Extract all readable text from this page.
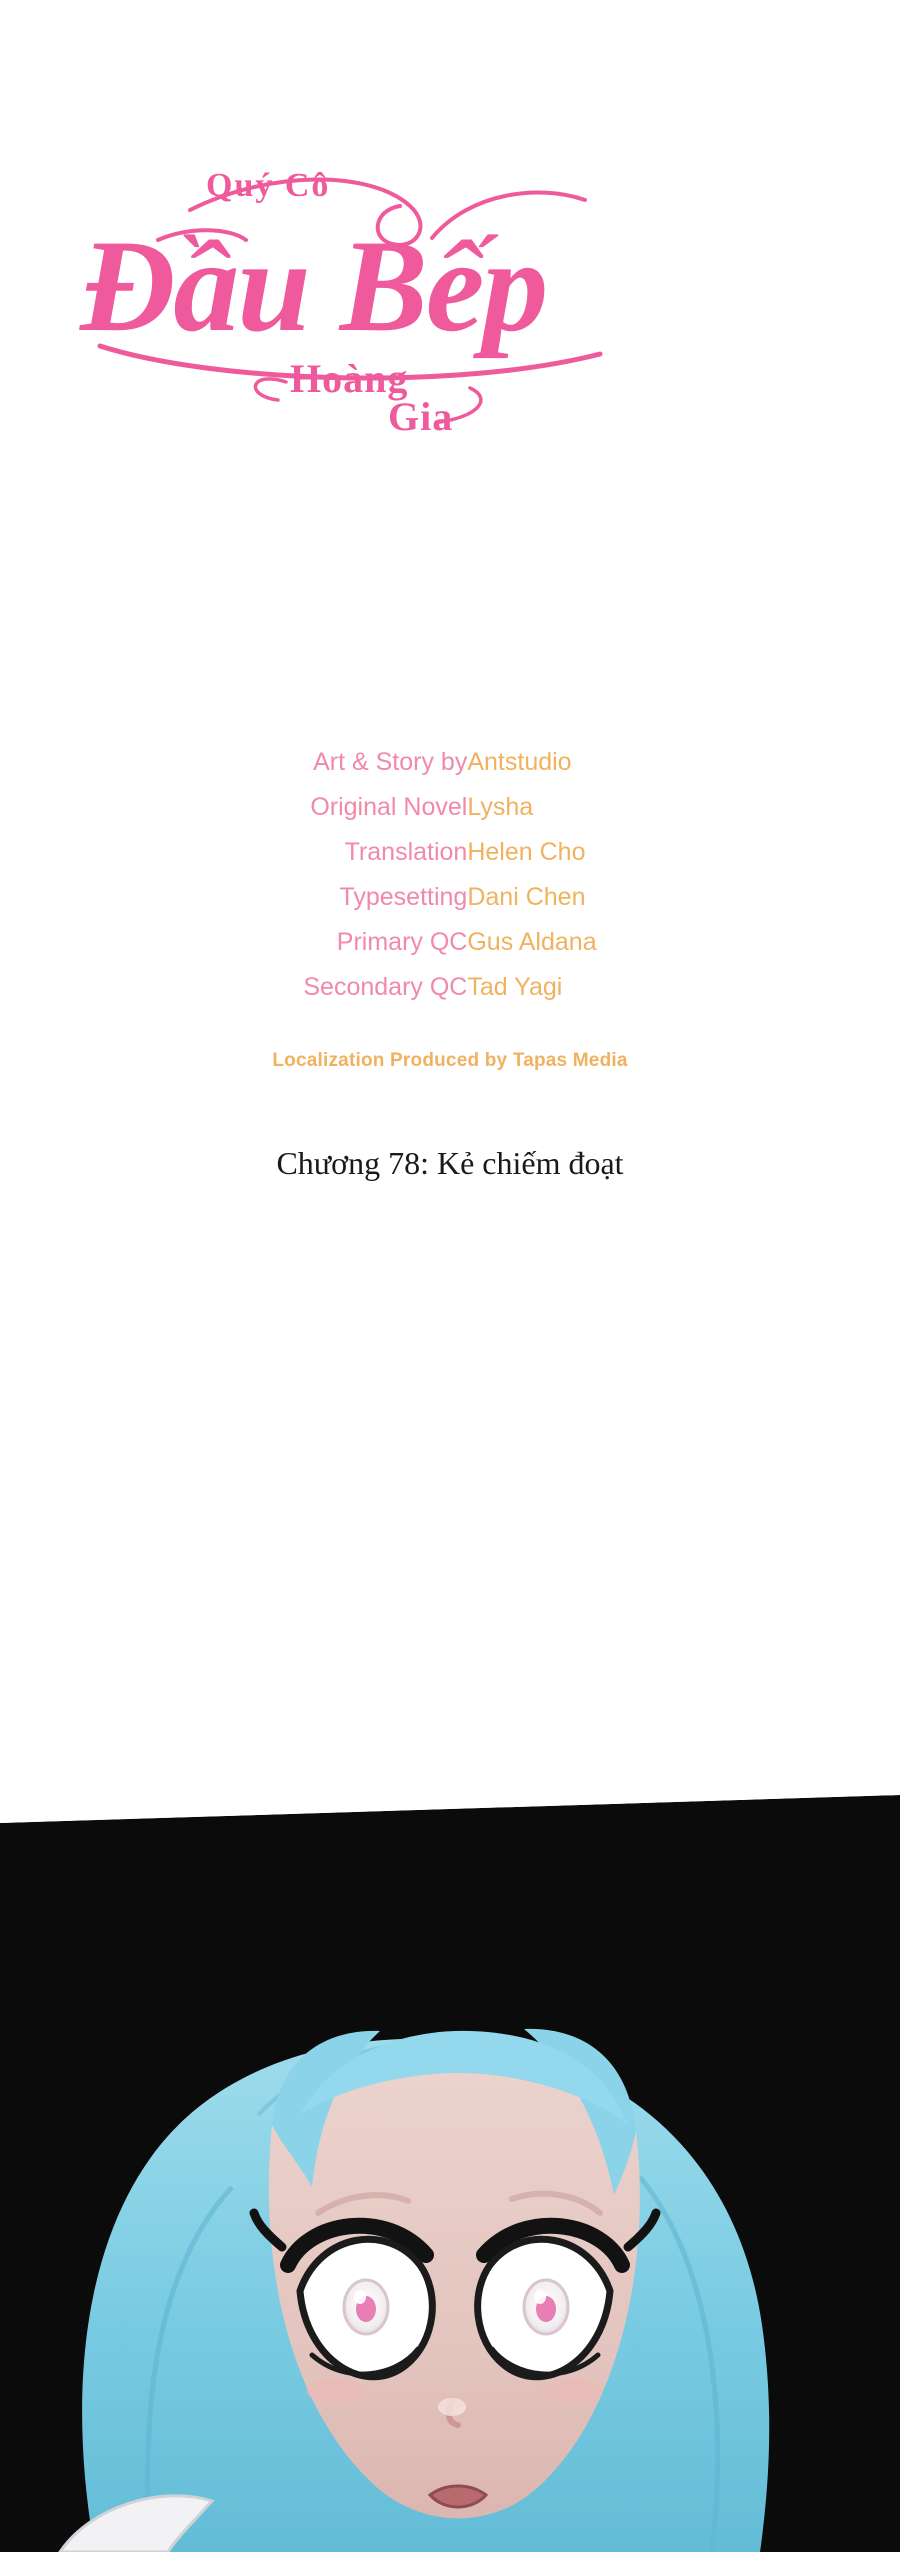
Quý Cô
Đầu Bếp
Hoàng
Gia
Art & Story by	Antstudio
Original Novel	Lysha
Translation	Helen Cho
Typesetting	Dani Chen
Primary QC	Gus Aldana
Secondary QC	Tad Yagi
Localization Produced by Tapas Media
Chương 78: Kẻ chiếm đoạt
